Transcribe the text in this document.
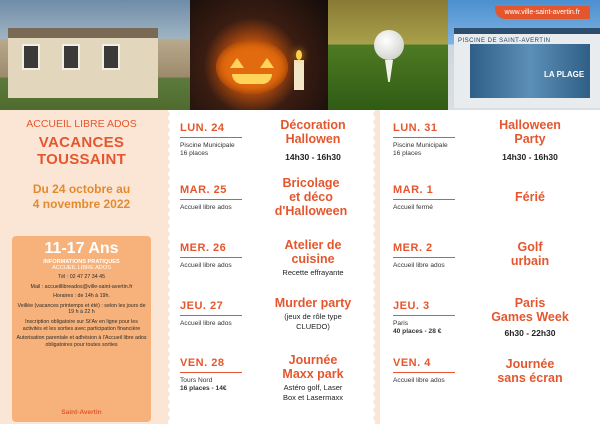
PISCINE DE SAINT-AVERTIN
LA PLAGE
www.ville-saint-avertin.fr
ACCUEIL LIBRE ADOS
VACANCES
TOUSSAINT
Du 24 octobre au
4 novembre 2022
11-17 Ans
INFORMATIONS PRATIQUES
ACCUEIL LIBRE ADOS
Tél : 02 47 27 34 45
Mail : accueillibreados@ville-saint-avertin.fr
Horaires : de 14h à 19h.
Veillée (vacances printemps et été) : selon les jours de 19 h à 22 h
Inscription obligatoire sur St'Av en ligne pour les activités et les sorties avec participation financière
Autorisation parentale et adhésion à l'Accueil libre ados obligatoires pour toutes sorties
Saint-Avertin
LUN. 24
Piscine Municipale
16 places
Décoration
Hallowen
14h30 - 16h30
MAR. 25
Accueil libre ados
Bricolage
et déco
d'Halloween
MER. 26
Accueil libre ados
Atelier de
cuisine
Recette effrayante
JEU. 27
Accueil libre ados
Murder party
(jeux de rôle type
CLUEDO)
VEN. 28
Tours Nord
16 places - 14€
Journée
Maxx park
Astéro golf, Laser
Box et Lasermaxx
LUN. 31
Piscine Municipale
16 places
Halloween
Party
14h30 - 16h30
MAR. 1
Accueil fermé
Férié
MER. 2
Accueil libre ados
Golf
urbain
JEU. 3
Paris
40 places - 28 €
Paris
Games Week
6h30 - 22h30
VEN. 4
Accueil libre ados
Journée
sans écran
